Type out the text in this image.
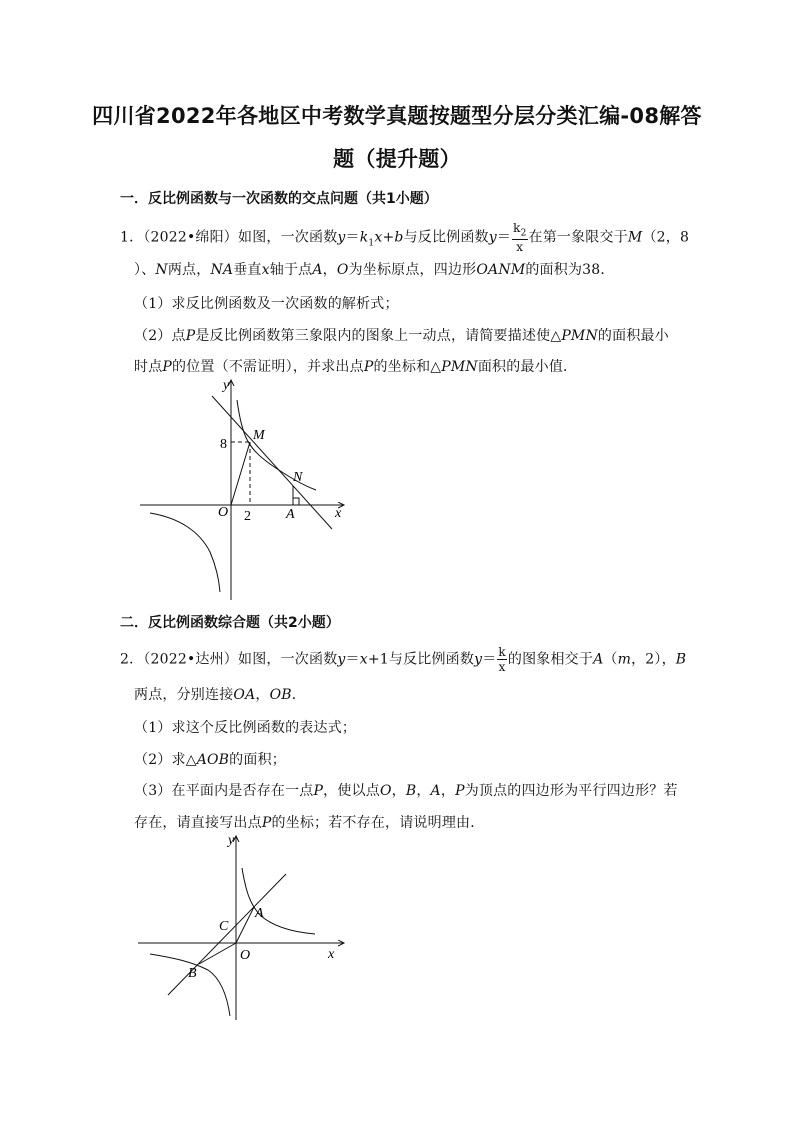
四川省2022年各地区中考数学真题按题型分层分类汇编-08解答
题（提升题）
一．反比例函数与一次函数的交点问题（共1小题）
1．（2022•绵阳）如图，一次函数$y=k_1x+b$与反比例函数$y= \frac{k_2}{x}$ 在第一象限交于M（2，8
）、N两点，NA垂直x轴于点A，O为坐标原点，四边形OANM的面积为38．
（1）求反比例函数及一次函数的解析式；
（2）点P是反比例函数第三象限内的图象上一动点，请简要描述使△PMN的面积最小
时点P的位置（不需证明），并求出点P的坐标和△PMN面积的最小值．
y
x
O
M
N
A
8
2
二．反比例函数综合题（共2小题）
2．（2022•达州）如图，一次函数y＝x+1与反比例函数$y= \frac{k}{x}$ 的图象相交于A（m，2），B
两点，分别连接OA，OB．
（1）求这个反比例函数的表达式；
（2）求△AOB的面积；
（3）在平面内是否存在一点P，使以点O，B，A，P为顶点的四边形为平行四边形？若
存在，请直接写出点P的坐标；若不存在，请说明理由．
y
x
O
A
B
C
